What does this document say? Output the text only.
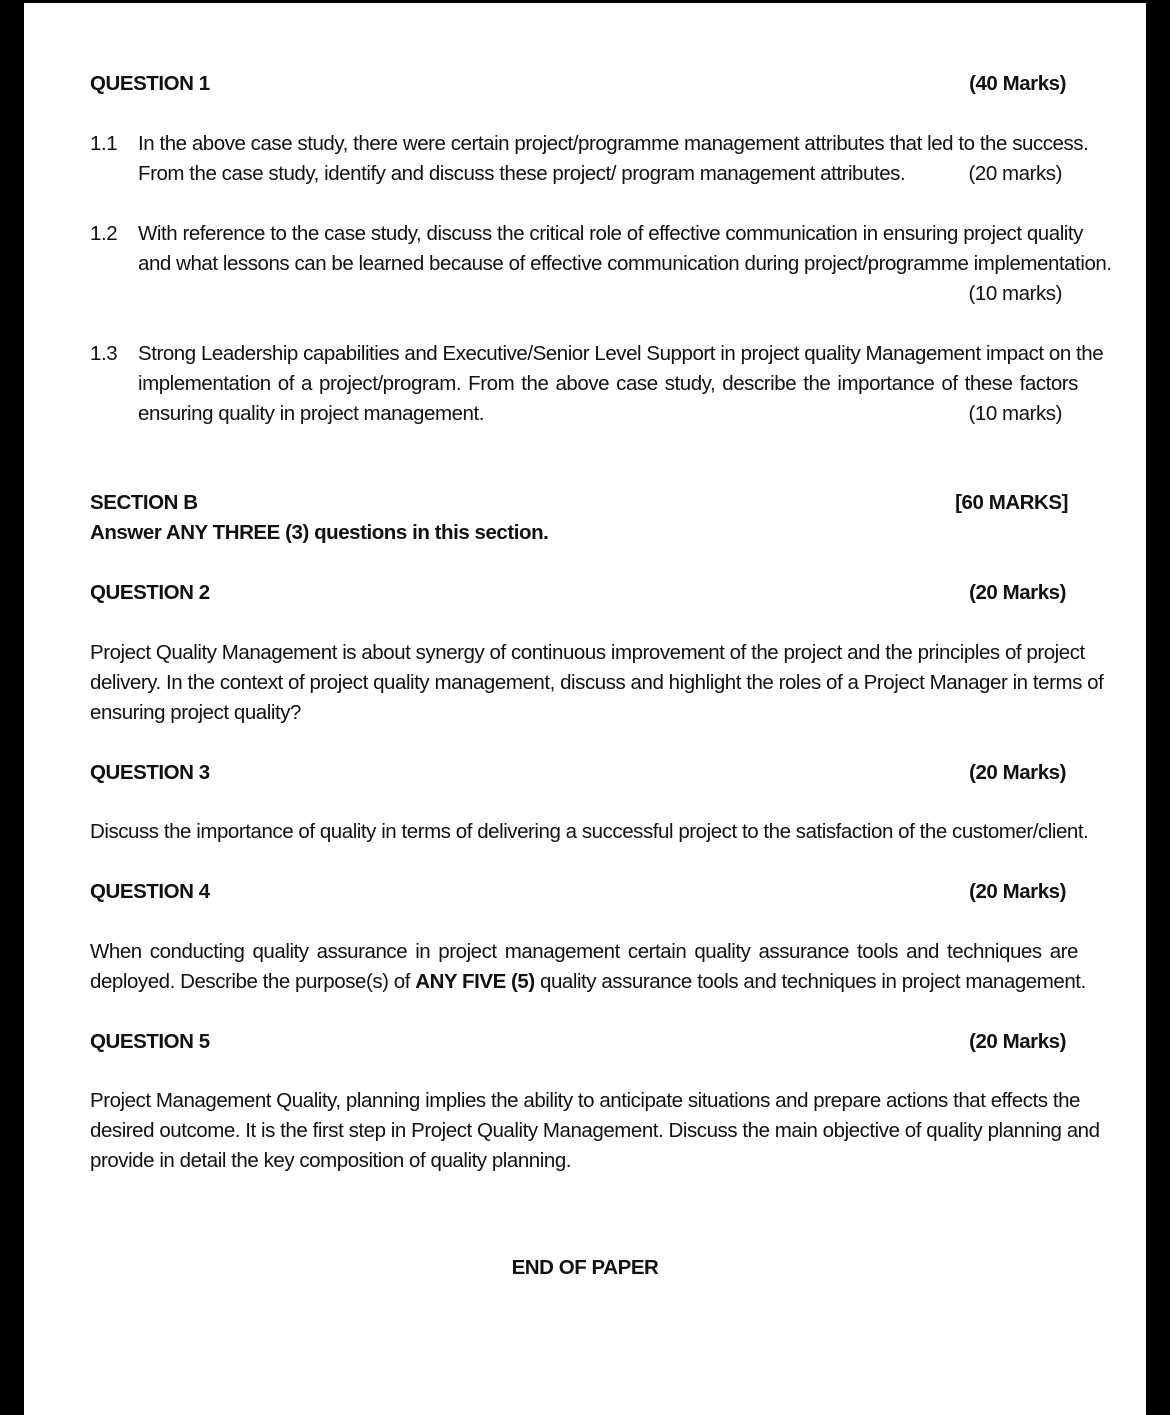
QUESTION 1	(40 Marks)
1.1 In the above case study, there were certain project/programme management attributes that led to the success.
From the case study, identify and discuss these project/ program management attributes.	(20 marks)
1.2 With reference to the case study, discuss the critical role of effective communication in ensuring project quality
and what lessons can be learned because of effective communication during project/programme implementation.
(10 marks)
1.3 Strong Leadership capabilities and Executive/Senior Level Support in project quality Management impact on the
implementation of a project/program. From the above case study, describe the importance of these factors
ensuring quality in project management.	(10 marks)
SECTION B	[60 MARKS]
Answer ANY THREE (3) questions in this section.
QUESTION 2	(20 Marks)
Project Quality Management is about synergy of continuous improvement of the project and the principles of project
delivery. In the context of project quality management, discuss and highlight the roles of a Project Manager in terms of
ensuring project quality?
QUESTION 3	(20 Marks)
Discuss the importance of quality in terms of delivering a successful project to the satisfaction of the customer/client.
QUESTION 4	(20 Marks)
When conducting quality assurance in project management certain quality assurance tools and techniques are
deployed. Describe the purpose(s) of ANY FIVE (5) quality assurance tools and techniques in project management.
QUESTION 5	(20 Marks)
Project Management Quality, planning implies the ability to anticipate situations and prepare actions that effects the
desired outcome. It is the first step in Project Quality Management. Discuss the main objective of quality planning and
provide in detail the key composition of quality planning.
END OF PAPER
